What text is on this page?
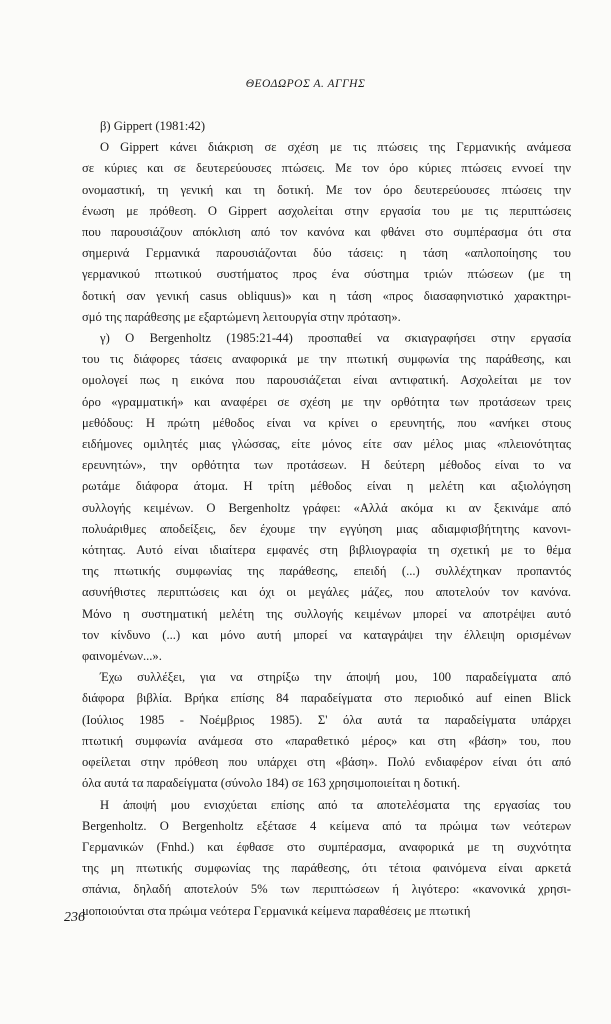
ΘΕΟΔΩΡΟΣ Α. ΑΓΓΗΣ

β) Gippert (1981:42)

Ο Gippert κάνει διάκριση σε σχέση με τις πτώσεις της Γερμανικής ανάμεσα
σε κύριες και σε δευτερεύουσες πτώσεις. Με τον όρο κύριες πτώσεις εννοεί την
ονομαστική, τη γενική και τη δοτική. Με τον όρο δευτερεύουσες πτώσεις την
ένωση με πρόθεση. Ο Gippert ασχολείται στην εργασία του με τις περιπτώσεις
που παρουσιάζουν απόκλιση από τον κανόνα και φθάνει στο συμπέρασμα ότι στα
σημερινά Γερμανικά παρουσιάζονται δύο τάσεις: η τάση «απλοποίησης του
γερμανικού πτωτικού συστήματος προς ένα σύστημα τριών πτώσεων (με τη
δοτική σαν γενική casus obliquus)» και η τάση «προς διασαφηνιστικό χαρακτηρι-
σμό της παράθεσης με εξαρτώμενη λειτουργία στην πρόταση».

γ) Ο Bergenholtz (1985:21-44) προσπαθεί να σκιαγραφήσει στην εργασία
του τις διάφορες τάσεις αναφορικά με την πτωτική συμφωνία της παράθεσης, και
ομολογεί πως η εικόνα που παρουσιάζεται είναι αντιφατική. Ασχολείται με τον
όρο «γραμματική» και αναφέρει σε σχέση με την ορθότητα των προτάσεων τρεις
μεθόδους: Η πρώτη μέθοδος είναι να κρίνει ο ερευνητής, που «ανήκει στους
ειδήμονες ομιλητές μιας γλώσσας, είτε μόνος είτε σαν μέλος μιας «πλειονότητας
ερευνητών», την ορθότητα των προτάσεων. Η δεύτερη μέθοδος είναι το να
ρωτάμε διάφορα άτομα. Η τρίτη μέθοδος είναι η μελέτη και αξιολόγηση
συλλογής κειμένων. Ο Bergenholtz γράφει: «Αλλά ακόμα κι αν ξεκινάμε από
πολυάριθμες αποδείξεις, δεν έχουμε την εγγύηση μιας αδιαμφισβήτητης κανονι-
κότητας. Αυτό είναι ιδιαίτερα εμφανές στη βιβλιογραφία τη σχετική με το θέμα
της πτωτικής συμφωνίας της παράθεσης, επειδή (...) συλλέχτηκαν προπαντός
ασυνήθιστες περιπτώσεις και όχι οι μεγάλες μάζες, που αποτελούν τον κανόνα.
Μόνο η συστηματική μελέτη της συλλογής κειμένων μπορεί να αποτρέψει αυτό
τον κίνδυνο (...) και μόνο αυτή μπορεί να καταγράψει την έλλειψη ορισμένων
φαινομένων...».

Έχω συλλέξει, για να στηρίξω την άποψή μου, 100 παραδείγματα από
διάφορα βιβλία. Βρήκα επίσης 84 παραδείγματα στο περιοδικό auf einen Blick
(Ιούλιος 1985 - Νοέμβριος 1985). Σ' όλα αυτά τα παραδείγματα υπάρχει
πτωτική συμφωνία ανάμεσα στο «παραθετικό μέρος» και στη «βάση» του, που
οφείλεται στην πρόθεση που υπάρχει στη «βάση». Πολύ ενδιαφέρον είναι ότι από
όλα αυτά τα παραδείγματα (σύνολο 184) σε 163 χρησιμοποιείται η δοτική.

Η άποψή μου ενισχύεται επίσης από τα αποτελέσματα της εργασίας του
Bergenholtz. Ο Bergenholtz εξέτασε 4 κείμενα από τα πρώιμα των νεότερων
Γερμανικών (Fnhd.) και έφθασε στο συμπέρασμα, αναφορικά με τη συχνότητα
της μη πτωτικής συμφωνίας της παράθεσης, ότι τέτοια φαινόμενα είναι αρκετά
σπάνια, δηλαδή αποτελούν 5% των περιπτώσεων ή λιγότερο: «κανονικά χρησι-
μοποιούνται στα πρώιμα νεότερα Γερμανικά κείμενα παραθέσεις με πτωτική

236
